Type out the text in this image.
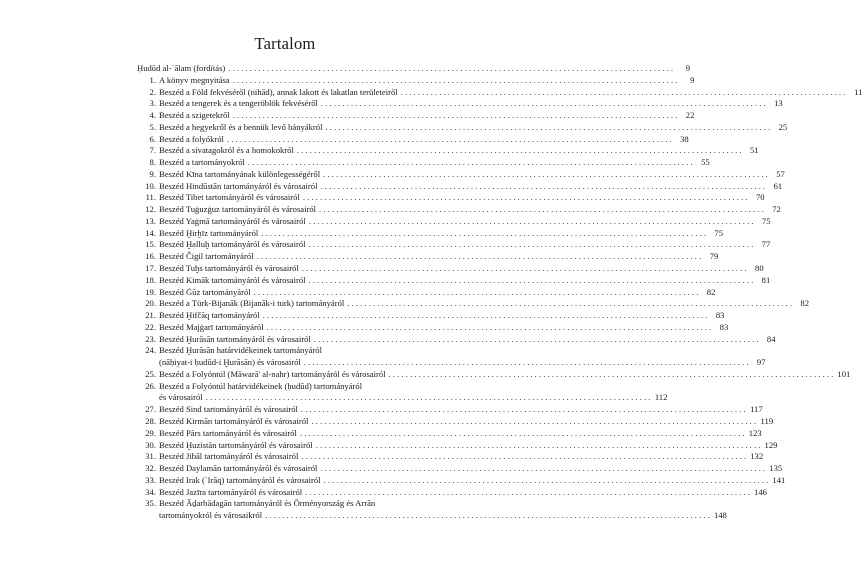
Tartalom
Ḥudūd al-ʿālam (fordítás) . . .	9
1. A könyv megnyitása . . .	9
2. Beszéd a Föld fekvéséről (nihād), annak lakott és lakatlan területeiről . . .	11
3. Beszéd a tengerek és a tengeröblök fekvéséről . . .	13
4. Beszéd a szigetekről . . .	22
5. Beszéd a hegyekről és a bennük levő bányákról . . .	25
6. Beszéd a folyókról . . .	38
7. Beszéd a sivatagokról és a homokokról . . .	51
8. Beszéd a tartományokról . . .	55
9. Beszéd Kīna tartományának különlegességéről . . .	57
10. Beszéd Hindūstān tartományáról és városairól . . .	61
11. Beszéd Tibet tartományáról és városairól . . .	70
12. Beszéd Tuġuzġuz tartományáról és városairól . . .	72
13. Beszéd Yaġmā tartományáról és városairól . . .	75
14. Beszéd Ḫirḫīz tartományáról . . .	75
15. Beszéd Ḫalluḫ tartományáról és városairól . . .	77
16. Beszéd Čigil tartományáról . . .	79
17. Beszéd Tuḫs tartományáról és városairól . . .	80
18. Beszéd Kimāk tartományáról és városairól . . .	81
19. Beszéd Ġūz tartományáról . . .	82
20. Beszéd a Türk-Bijanāk (Bijanāk-i turk) tartományáról . . .	82
21. Beszéd Ḫifčāq tartományáról . . .	83
22. Beszéd Majġarī tartományáról . . .	83
23. Beszéd Ḫurāsān tartományáról és városairól . . .	84
24. Beszéd Ḫurāsān határvidékeinek tartományáról
(nāḥiyat-i ḥudūd-i Ḫurāsān) és városairól . . .	97
25. Beszéd a Folyóntúl (Māwarā' al-nahr) tartományáról és városairól . . .	101
26. Beszéd a Folyóntúl határvidékeinek (ḥudūd) tartományáról
és városairól . . .	112
27. Beszéd Sind tartományáról és városairól . . .	117
28. Beszéd Kirmān tartományáról és városairól . . .	119
29. Beszéd Pārs tartományáról és városairól . . .	123
30. Beszéd Ḫuzistān tartományáról és városairól . . .	129
31. Beszéd Jibāl tartományáról és városairól . . .	132
32. Beszéd Daylamān tartományáról és városairól . . .	135
33. Beszéd Irak (ʿIrāq) tartományáról és városairól . . .	141
34. Beszéd Jazīra tartományáról és városairól . . .	146
35. Beszéd Āḏarbādagān tartományáról és Örményország és Arrān
tartományokról és városaikról . . .	148
